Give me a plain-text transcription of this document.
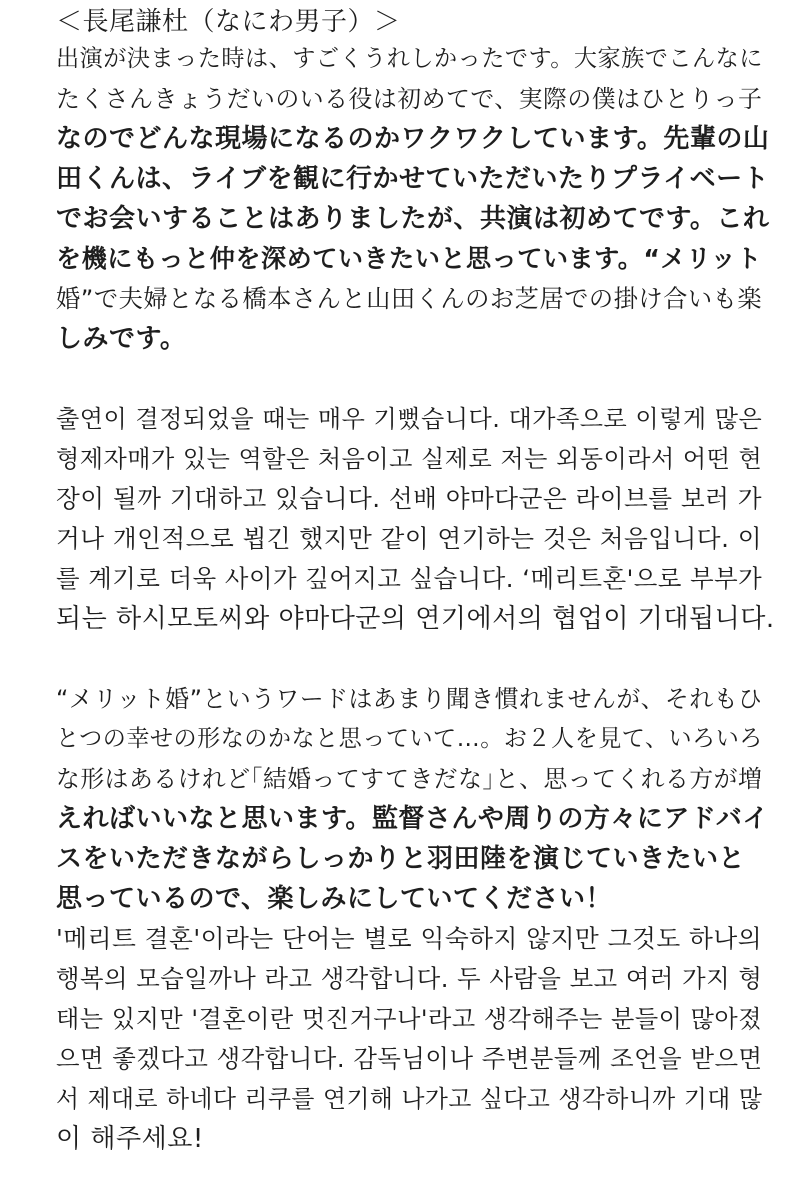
＜長尾謙杜（なにわ男子）＞
出演が決まった時は、すごくうれしかったです。大家族でこんなに
たくさんきょうだいのいる役は初めてで、実際の僕はひとりっ子
なのでどんな現場になるのかワクワクしています。先輩の山
田くんは、ライブを観に行かせていただいたりプライベート
でお会いすることはありましたが、共演は初めてです。これ
を機にもっと仲を深めていきたいと思っています。“メリット
婚”で夫婦となる橋本さんと山田くんのお芝居での掛け合いも楽
しみです。
출연이 결정되었을 때는 매우 기뻤습니다. 대가족으로 이렇게 많은
형제자매가 있는 역할은 처음이고 실제로 저는 외동이라서 어떤 현
장이 될까 기대하고 있습니다. 선배 야마다군은 라이브를 보러 가
거나 개인적으로 뵙긴 했지만 같이 연기하는 것은 처음입니다. 이
를 계기로 더욱 사이가 깊어지고 싶습니다. ‘메리트혼'으로 부부가
되는 하시모토씨와 야마다군의 연기에서의 협업이 기대됩니다.
“メリット婚”というワードはあまり聞き慣れませんが、それもひ
とつの幸せの形なのかなと思っていて…。お２人を見て、いろいろ
な形はあるけれど｢結婚ってすてきだな｣と、思ってくれる方が増
えればいいなと思います。監督さんや周りの方々にアドバイ
スをいただきながらしっかりと羽田陸を演じていきたいと
思っているので、楽しみにしていてください！
'메리트 결혼'이라는 단어는 별로 익숙하지 않지만 그것도 하나의
행복의 모습일까나 라고 생각합니다. 두 사람을 보고 여러 가지 형
태는 있지만 '결혼이란 멋진거구나'라고 생각해주는 분들이 많아졌
으면 좋겠다고 생각합니다. 감독님이나 주변분들께 조언을 받으면
서 제대로 하네다 리쿠를 연기해 나가고 싶다고 생각하니까 기대 많
이 해주세요!
